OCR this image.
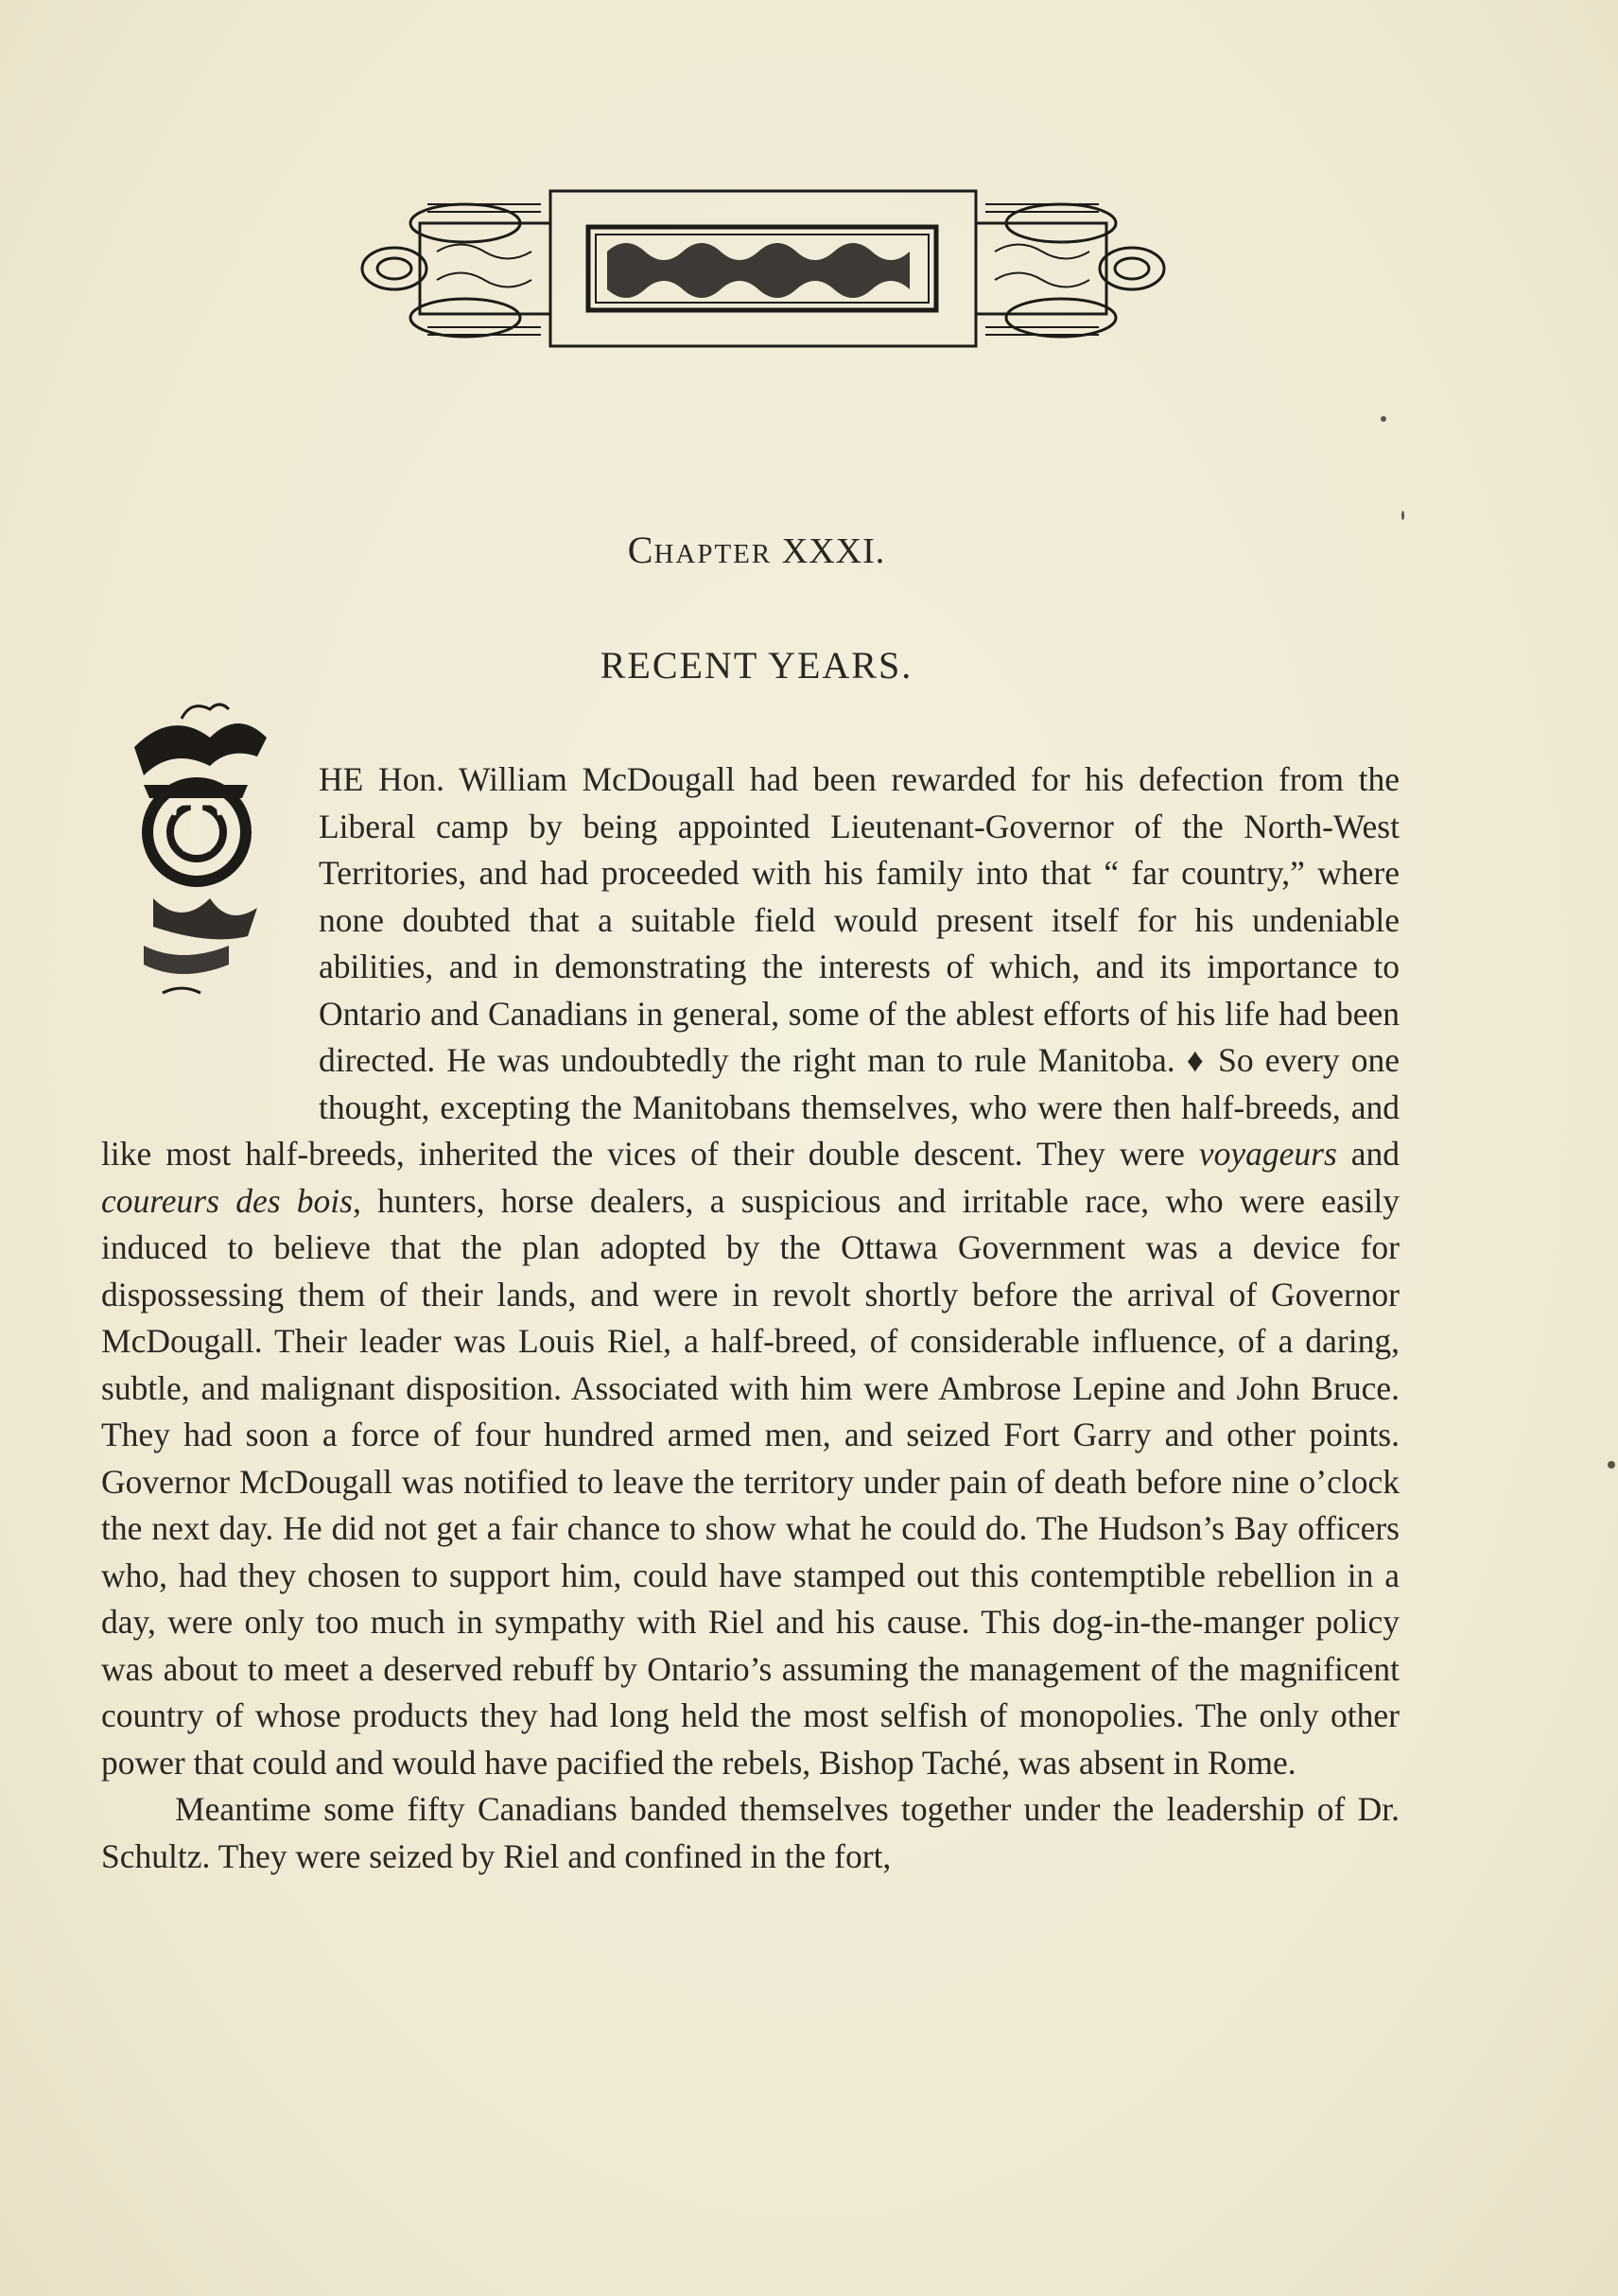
CHAPTER XXXI.
RECENT YEARS.
T

HE Hon. William McDougall had been rewarded for his defection from the Liberal camp by being appointed Lieutenant-Governor of the North-West Territories, and had proceeded with his family into that “ far country,” where none doubted that a suitable field would present itself for his undeniable abilities, and in demonstrating the interests of which, and its importance to Ontario and Canadians in general, some of the ablest efforts of his life had been directed. He was undoubtedly the right man to rule Manitoba. ♦ So every one thought, excepting the Manitobans themselves, who were then half-breeds, and like most half-breeds, inherited the vices of their double descent. They were voyageurs and coureurs des bois, hunters, horse dealers, a suspicious and irritable race, who were easily induced to believe that the plan adopted by the Ottawa Government was a device for dispossessing them of their lands, and were in revolt shortly before the arrival of Governor McDougall. Their leader was Louis Riel, a half-breed, of considerable influence, of a daring, subtle, and malignant disposition. Associated with him were Ambrose Lepine and John Bruce. They had soon a force of four hundred armed men, and seized Fort Garry and other points. Governor McDougall was notified to leave the territory under pain of death before nine o’clock the next day. He did not get a fair chance to show what he could do. The Hudson’s Bay officers who, had they chosen to support him, could have stamped out this contemptible rebellion in a day, were only too much in sympathy with Riel and his cause. This dog-in-the-manger policy was about to meet a deserved rebuff by Ontario’s assuming the management of the magnificent country of whose products they had long held the most selfish of monopolies. The only other power that could and would have pacified the rebels, Bishop Taché, was absent in Rome.

Meantime some fifty Canadians banded themselves together under the leadership of Dr. Schultz. They were seized by Riel and confined in the fort,
